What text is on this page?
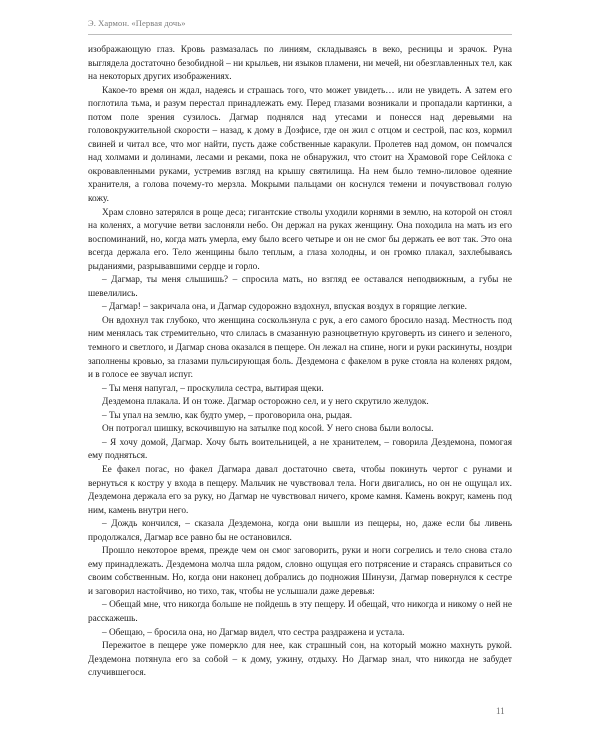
Э. Хармон. «Первая дочь»

изображающую глаз. Кровь размазалась по линиям, складываясь в веко, ресницы и зрачок. Руна выглядела достаточно безобидной – ни крыльев, ни языков пламени, ни мечей, ни обезглавленных тел, как на некоторых других изображениях.

Какое-то время он ждал, надеясь и страшась того, что может увидеть… или не увидеть. А затем его поглотила тьма, и разум перестал принадлежать ему. Перед глазами возникали и пропадали картинки, а потом поле зрения сузилось. Дагмар поднялся над утесами и понесся над деревьями на головокружительной скорости – назад, к дому в Дозфисе, где он жил с отцом и сестрой, пас коз, кормил свиней и читал все, что мог найти, пусть даже собственные каракули. Пролетев над домом, он помчался над холмами и долинами, лесами и реками, пока не обнаружил, что стоит на Храмовой горе Сейлока с окровавленными руками, устремив взгляд на крышу святилища. На нем было темно-лиловое одеяние хранителя, а голова почему-то мерзла. Мокрыми пальцами он коснулся темени и почувствовал голую кожу.

Храм словно затерялся в роще деса; гигантские стволы уходили корнями в землю, на которой он стоял на коленях, а могучие ветви заслоняли небо. Он держал на руках женщину. Она походила на мать из его воспоминаний, но, когда мать умерла, ему было всего четыре и он не смог бы держать ее вот так. Это она всегда держала его. Тело женщины было теплым, а глаза холодны, и он громко плакал, захлебываясь рыданиями, разрывавшими сердце и горло.

– Дагмар, ты меня слышишь? – спросила мать, но взгляд ее оставался неподвижным, а губы не шевелились.

– Дагмар! – закричала она, и Дагмар судорожно вздохнул, впуская воздух в горящие легкие.

Он вдохнул так глубоко, что женщина соскользнула с рук, а его самого бросило назад. Местность под ним менялась так стремительно, что слилась в смазанную разноцветную круговерть из синего и зеленого, темного и светлого, и Дагмар снова оказался в пещере. Он лежал на спине, ноги и руки раскинуты, ноздри заполнены кровью, за глазами пульсирующая боль. Дездемона с факелом в руке стояла на коленях рядом, и в голосе ее звучал испуг.

– Ты меня напугал, – проскулила сестра, вытирая щеки.

Дездемона плакала. И он тоже. Дагмар осторожно сел, и у него скрутило желудок.

– Ты упал на землю, как будто умер, – проговорила она, рыдая.

Он потрогал шишку, вскочившую на затылке под косой. У него снова были волосы.

– Я хочу домой, Дагмар. Хочу быть воительницей, а не хранителем, – говорила Дездемона, помогая ему подняться.

Ее факел погас, но факел Дагмара давал достаточно света, чтобы покинуть чертог с рунами и вернуться к костру у входа в пещеру. Мальчик не чувствовал тела. Ноги двигались, но он не ощущал их. Дездемона держала его за руку, но Дагмар не чувствовал ничего, кроме камня. Камень вокруг, камень под ним, камень внутри него.

– Дождь кончился, – сказала Дездемона, когда они вышли из пещеры, но, даже если бы ливень продолжался, Дагмар все равно бы не остановился.

Прошло некоторое время, прежде чем он смог заговорить, руки и ноги согрелись и тело снова стало ему принадлежать. Дездемона молча шла рядом, словно ощущая его потрясение и стараясь справиться со своим собственным. Но, когда они наконец добрались до подножия Шинузи, Дагмар повернулся к сестре и заговорил настойчиво, но тихо, так, чтобы не услышали даже деревья:

– Обещай мне, что никогда больше не пойдешь в эту пещеру. И обещай, что никогда и никому о ней не расскажешь.

– Обещаю, – бросила она, но Дагмар видел, что сестра раздражена и устала.

Пережитое в пещере уже померкло для нее, как страшный сон, на который можно махнуть рукой. Дездемона потянула его за собой – к дому, ужину, отдыху. Но Дагмар знал, что никогда не забудет случившегося.

11
